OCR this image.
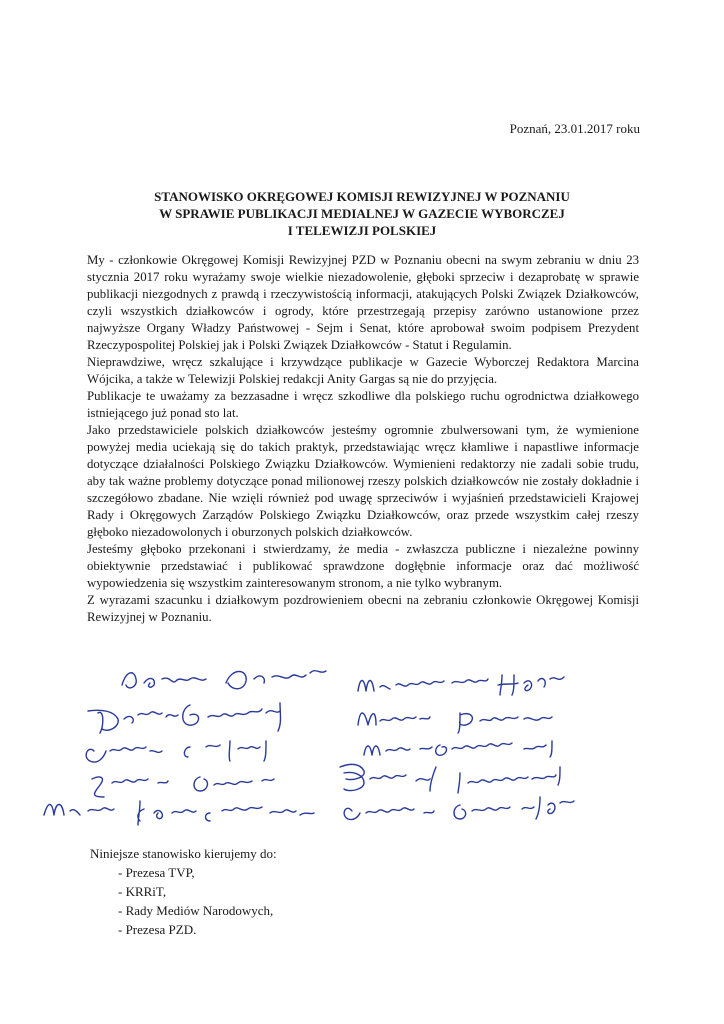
Poznań, 23.01.2017 roku
STANOWISKO OKRĘGOWEJ KOMISJI REWIZYJNEJ W POZNANIU
W SPRAWIE PUBLIKACJI MEDIALNEJ W GAZECIE WYBORCZEJ
I TELEWIZJI POLSKIEJ

My - członkowie Okręgowej Komisji Rewizyjnej PZD w Poznaniu obecni na swym zebraniu w dniu 23 stycznia 2017 roku wyrażamy swoje wielkie niezadowolenie, głęboki sprzeciw i dezaprobatę w sprawie publikacji niezgodnych z prawdą i rzeczywistością informacji, atakujących Polski Związek Działkowców, czyli wszystkich działkowców i ogrody, które przestrzegają przepisy zarówno ustanowione przez najwyższe Organy Władzy Państwowej - Sejm i Senat, które aprobował swoim podpisem Prezydent Rzeczypospolitej Polskiej jak i Polski Związek Działkowców - Statut i Regulamin.

Nieprawdziwe, wręcz szkalujące i krzywdzące publikacje w Gazecie Wyborczej Redaktora Marcina Wójcika, a także w Telewizji Polskiej redakcji Anity Gargas są nie do przyjęcia.

Publikacje te uważamy za bezzasadne i wręcz szkodliwe dla polskiego ruchu ogrodnictwa działkowego istniejącego już ponad sto lat.

Jako przedstawiciele polskich działkowców jesteśmy ogromnie zbulwersowani tym, że wymienione powyżej media uciekają się do takich praktyk, przedstawiając wręcz kłamliwe i napastliwe informacje dotyczące działalności Polskiego Związku Działkowców. Wymienieni redaktorzy nie zadali sobie trudu, aby tak ważne problemy dotyczące ponad milionowej rzeszy polskich działkowców nie zostały dokładnie i szczegółowo zbadane. Nie wzięli również pod uwagę sprzeciwów i wyjaśnień przedstawicieli Krajowej Rady i Okręgowych Zarządów Polskiego Związku Działkowców, oraz przede wszystkim całej rzeszy głęboko niezadowolonych i oburzonych polskich działkowców.

Jesteśmy głęboko przekonani i stwierdzamy, że media - zwłaszcza publiczne i niezależne powinny obiektywnie przedstawiać i publikować sprawdzone dogłębnie informacje oraz dać możliwość wypowiedzenia się wszystkim zainteresowanym stronom, a nie tylko wybranym.

Z wyrazami szacunku i działkowym pozdrowieniem obecni na zebraniu członkowie Okręgowej Komisji Rewizyjnej w Poznaniu.

Niniejsze stanowisko kierujemy do:
- Prezesa TVP,
- KRRiT,
- Rady Mediów Narodowych,
- Prezesa PZD.
